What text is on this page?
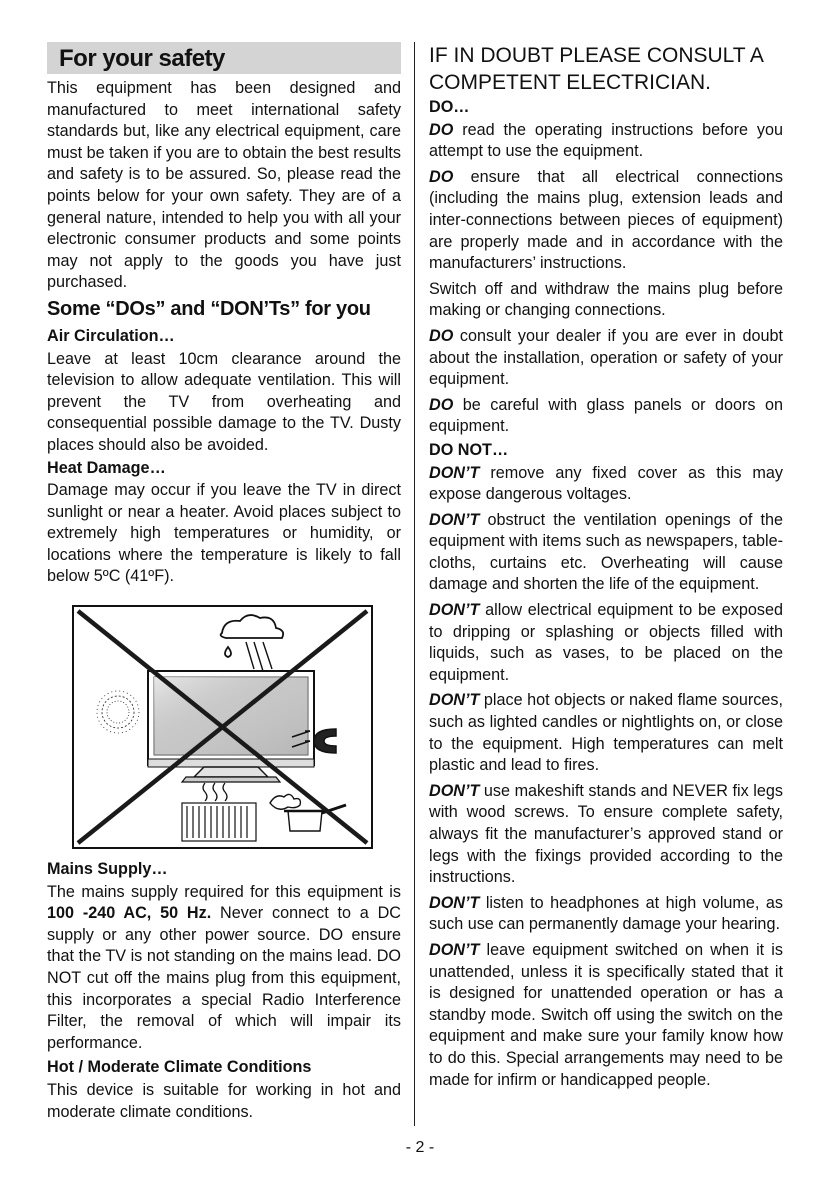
For your safety

This equipment has been designed and manufactured to meet international safety standards but, like any electrical equipment, care must be taken if you are to obtain the best results and safety is to be assured. So, please read the points below for your own safety. They are of a general nature, intended to help you with all your electronic consumer products and some points may not apply to the goods you have just purchased.

Some “DOs” and “DON’Ts” for you
Air Circulation…

Leave at least 10cm clearance around the television to allow adequate ventilation. This will prevent the TV from overheating and consequential possible damage to the TV. Dusty places should also be avoided.

Heat Damage…

Damage may occur if you leave the TV in direct sunlight or near a heater. Avoid places subject to extremely high temperatures or humidity, or locations where the temperature is likely to fall below 5ºC (41ºF).

Mains Supply…

The mains supply required for this equipment is 100 -240 AC, 50 Hz. Never connect to a DC supply or any other power source. DO ensure that the TV is not standing on the mains lead. DO NOT cut off the mains plug from this equipment, this incorporates a special Radio Interference Filter, the removal of which will impair its performance.

Hot / Moderate Climate Conditions

This device is suitable for working in hot and moderate climate conditions.

IF IN DOUBT PLEASE CONSULT A COMPETENT ELECTRICIAN.

DO…

DO read the operating instructions before you attempt to use the equipment.

DO ensure that all electrical connections (including the mains plug, extension leads and inter-connections between pieces of equipment) are properly made and in accordance with the manufacturers’ instructions.

Switch off and withdraw the mains plug before making or changing connections.

DO consult your dealer if you are ever in doubt about the installation, operation or safety of your equipment.

DO be careful with glass panels or doors on equipment.

DO NOT…

DON’T remove any fixed cover as this may expose dangerous voltages.

DON’T obstruct the ventilation openings of the equipment with items such as newspapers, table-cloths, curtains etc. Overheating will cause damage and shorten the life of the equipment.

DON’T allow electrical equipment to be exposed to dripping or splashing or objects filled with liquids, such as vases, to be placed on the equipment.

DON’T place hot objects or naked flame sources, such as lighted candles or nightlights on, or close to the equipment. High temperatures can melt plastic and lead to fires.

DON’T use makeshift stands and NEVER fix legs with wood screws. To ensure complete safety, always fit the manufacturer’s approved stand or legs with the fixings provided according to the instructions.

DON’T listen to headphones at high volume, as such use can permanently damage your hearing.

DON’T leave equipment switched on when it is unattended, unless it is specifically stated that it is designed for unattended operation or has a standby mode. Switch off using the switch on the equipment and make sure your family know how to do this. Special arrangements may need to be made for infirm or handicapped people.

- 2 -
